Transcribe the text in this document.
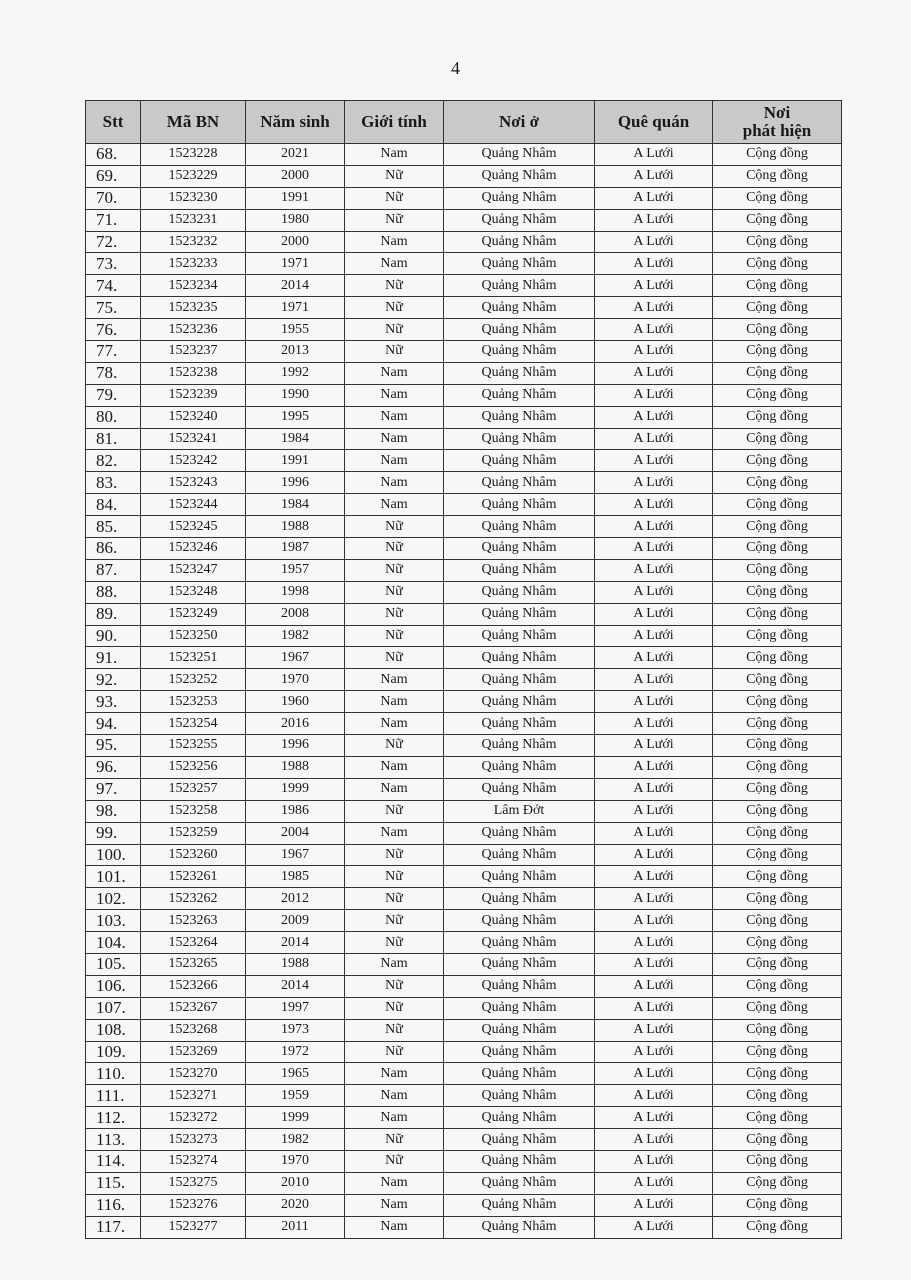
4
Stt	Mã BN	Năm sinh	Giới tính	Nơi ở	Quê quán	Nơi
phát hiện

68.	1523228	2021	Nam	Quảng Nhâm	A Lưới	Cộng đồng
69.	1523229	2000	Nữ	Quảng Nhâm	A Lưới	Cộng đồng
70.	1523230	1991	Nữ	Quảng Nhâm	A Lưới	Cộng đồng
71.	1523231	1980	Nữ	Quảng Nhâm	A Lưới	Cộng đồng
72.	1523232	2000	Nam	Quảng Nhâm	A Lưới	Cộng đồng
73.	1523233	1971	Nam	Quảng Nhâm	A Lưới	Cộng đồng
74.	1523234	2014	Nữ	Quảng Nhâm	A Lưới	Cộng đồng
75.	1523235	1971	Nữ	Quảng Nhâm	A Lưới	Cộng đồng
76.	1523236	1955	Nữ	Quảng Nhâm	A Lưới	Cộng đồng
77.	1523237	2013	Nữ	Quảng Nhâm	A Lưới	Cộng đồng
78.	1523238	1992	Nam	Quảng Nhâm	A Lưới	Cộng đồng
79.	1523239	1990	Nam	Quảng Nhâm	A Lưới	Cộng đồng
80.	1523240	1995	Nam	Quảng Nhâm	A Lưới	Cộng đồng
81.	1523241	1984	Nam	Quảng Nhâm	A Lưới	Cộng đồng
82.	1523242	1991	Nam	Quảng Nhâm	A Lưới	Cộng đồng
83.	1523243	1996	Nam	Quảng Nhâm	A Lưới	Cộng đồng
84.	1523244	1984	Nam	Quảng Nhâm	A Lưới	Cộng đồng
85.	1523245	1988	Nữ	Quảng Nhâm	A Lưới	Cộng đồng
86.	1523246	1987	Nữ	Quảng Nhâm	A Lưới	Cộng đồng
87.	1523247	1957	Nữ	Quảng Nhâm	A Lưới	Cộng đồng
88.	1523248	1998	Nữ	Quảng Nhâm	A Lưới	Cộng đồng
89.	1523249	2008	Nữ	Quảng Nhâm	A Lưới	Cộng đồng
90.	1523250	1982	Nữ	Quảng Nhâm	A Lưới	Cộng đồng
91.	1523251	1967	Nữ	Quảng Nhâm	A Lưới	Cộng đồng
92.	1523252	1970	Nam	Quảng Nhâm	A Lưới	Cộng đồng
93.	1523253	1960	Nam	Quảng Nhâm	A Lưới	Cộng đồng
94.	1523254	2016	Nam	Quảng Nhâm	A Lưới	Cộng đồng
95.	1523255	1996	Nữ	Quảng Nhâm	A Lưới	Cộng đồng
96.	1523256	1988	Nam	Quảng Nhâm	A Lưới	Cộng đồng
97.	1523257	1999	Nam	Quảng Nhâm	A Lưới	Cộng đồng
98.	1523258	1986	Nữ	Lâm Đớt	A Lưới	Cộng đồng
99.	1523259	2004	Nam	Quảng Nhâm	A Lưới	Cộng đồng
100.	1523260	1967	Nữ	Quảng Nhâm	A Lưới	Cộng đồng
101.	1523261	1985	Nữ	Quảng Nhâm	A Lưới	Cộng đồng
102.	1523262	2012	Nữ	Quảng Nhâm	A Lưới	Cộng đồng
103.	1523263	2009	Nữ	Quảng Nhâm	A Lưới	Cộng đồng
104.	1523264	2014	Nữ	Quảng Nhâm	A Lưới	Cộng đồng
105.	1523265	1988	Nam	Quảng Nhâm	A Lưới	Cộng đồng
106.	1523266	2014	Nữ	Quảng Nhâm	A Lưới	Cộng đồng
107.	1523267	1997	Nữ	Quảng Nhâm	A Lưới	Cộng đồng
108.	1523268	1973	Nữ	Quảng Nhâm	A Lưới	Cộng đồng
109.	1523269	1972	Nữ	Quảng Nhâm	A Lưới	Cộng đồng
110.	1523270	1965	Nam	Quảng Nhâm	A Lưới	Cộng đồng
111.	1523271	1959	Nam	Quảng Nhâm	A Lưới	Cộng đồng
112.	1523272	1999	Nam	Quảng Nhâm	A Lưới	Cộng đồng
113.	1523273	1982	Nữ	Quảng Nhâm	A Lưới	Cộng đồng
114.	1523274	1970	Nữ	Quảng Nhâm	A Lưới	Cộng đồng
115.	1523275	2010	Nam	Quảng Nhâm	A Lưới	Cộng đồng
116.	1523276	2020	Nam	Quảng Nhâm	A Lưới	Cộng đồng
117.	1523277	2011	Nam	Quảng Nhâm	A Lưới	Cộng đồng
